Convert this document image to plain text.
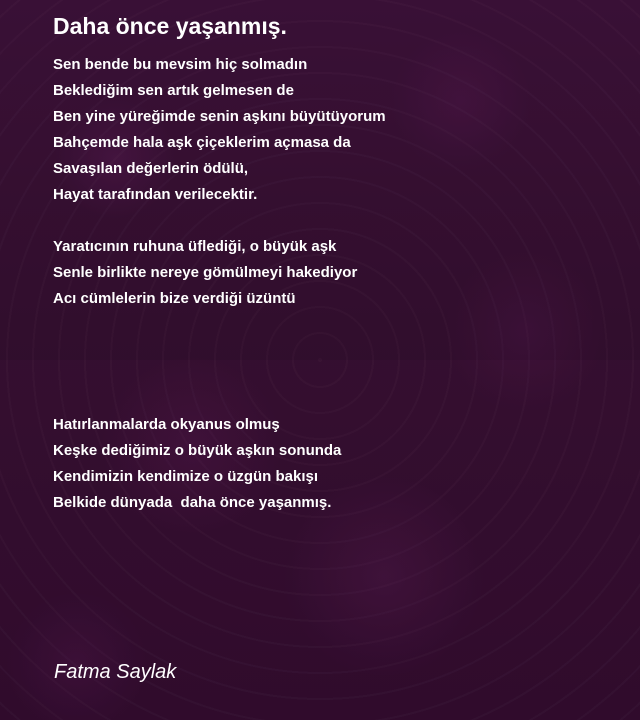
Daha önce yaşanmış.
Sen bende bu mevsim hiç solmadın
Beklediğim sen artık gelmesen de
Ben yine yüreğimde senin aşkını büyütüyorum
Bahçemde hala aşk çiçeklerim açmasa da
Savaşılan değerlerin ödülü,
Hayat tarafından verilecektir.
Yaratıcının ruhuna üflediği, o büyük aşk
Senle birlikte nereye gömülmeyi hakediyor
Acı cümlelerin bize verdiği üzüntü
Hatırlanmalarda okyanus olmuş
Keşke dediğimiz o büyük aşkın sonunda
Kendimizin kendimize o üzgün bakışı
Belkide dünyada  daha önce yaşanmış.
Fatma Saylak
